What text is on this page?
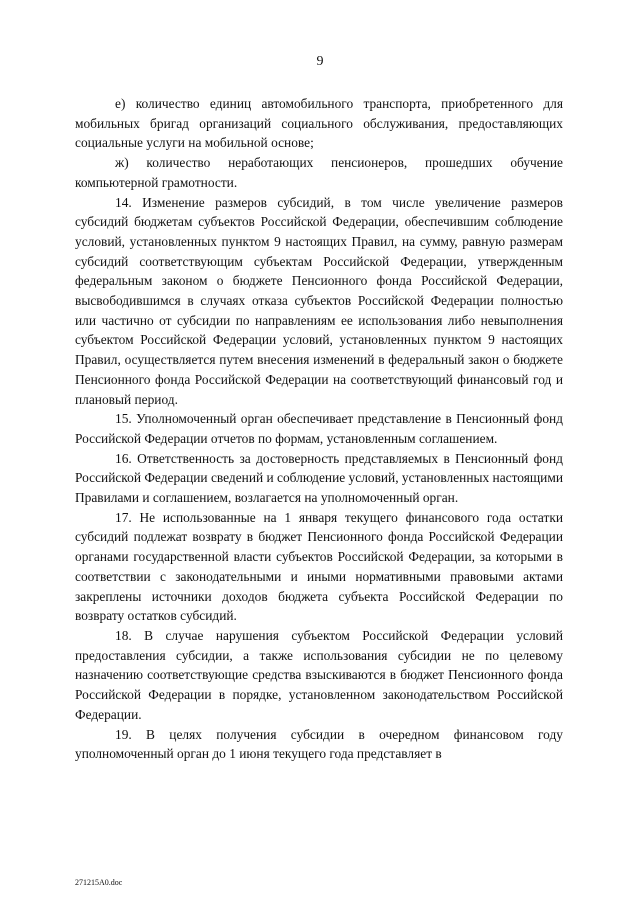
9

е) количество единиц автомобильного транспорта, приобретенного для мобильных бригад организаций социального обслуживания, предоставляющих социальные услуги на мобильной основе;

ж) количество неработающих пенсионеров, прошедших обучение компьютерной грамотности.

14. Изменение размеров субсидий, в том числе увеличение размеров субсидий бюджетам субъектов Российской Федерации, обеспечившим соблюдение условий, установленных пунктом 9 настоящих Правил, на сумму, равную размерам субсидий соответствующим субъектам Российской Федерации, утвержденным федеральным законом о бюджете Пенсионного фонда Российской Федерации, высвободившимся в случаях отказа субъектов Российской Федерации полностью или частично от субсидии по направлениям ее использования либо невыполнения субъектом Российской Федерации условий, установленных пунктом 9 настоящих Правил, осуществляется путем внесения изменений в федеральный закон о бюджете Пенсионного фонда Российской Федерации на соответствующий финансовый год и плановый период.

15. Уполномоченный орган обеспечивает представление в Пенсионный фонд Российской Федерации отчетов по формам, установленным соглашением.

16. Ответственность за достоверность представляемых в Пенсионный фонд Российской Федерации сведений и соблюдение условий, установленных настоящими Правилами и соглашением, возлагается на уполномоченный орган.

17. Не использованные на 1 января текущего финансового года остатки субсидий подлежат возврату в бюджет Пенсионного фонда Российской Федерации органами государственной власти субъектов Российской Федерации, за которыми в соответствии с законодательными и иными нормативными правовыми актами закреплены источники доходов бюджета субъекта Российской Федерации по возврату остатков субсидий.

18. В случае нарушения субъектом Российской Федерации условий предоставления субсидии, а также использования субсидии не по целевому назначению соответствующие средства взыскиваются в бюджет Пенсионного фонда Российской Федерации в порядке, установленном законодательством Российской Федерации.

19. В целях получения субсидии в очередном финансовом году уполномоченный орган до 1 июня текущего года представляет в

271215A0.doc
